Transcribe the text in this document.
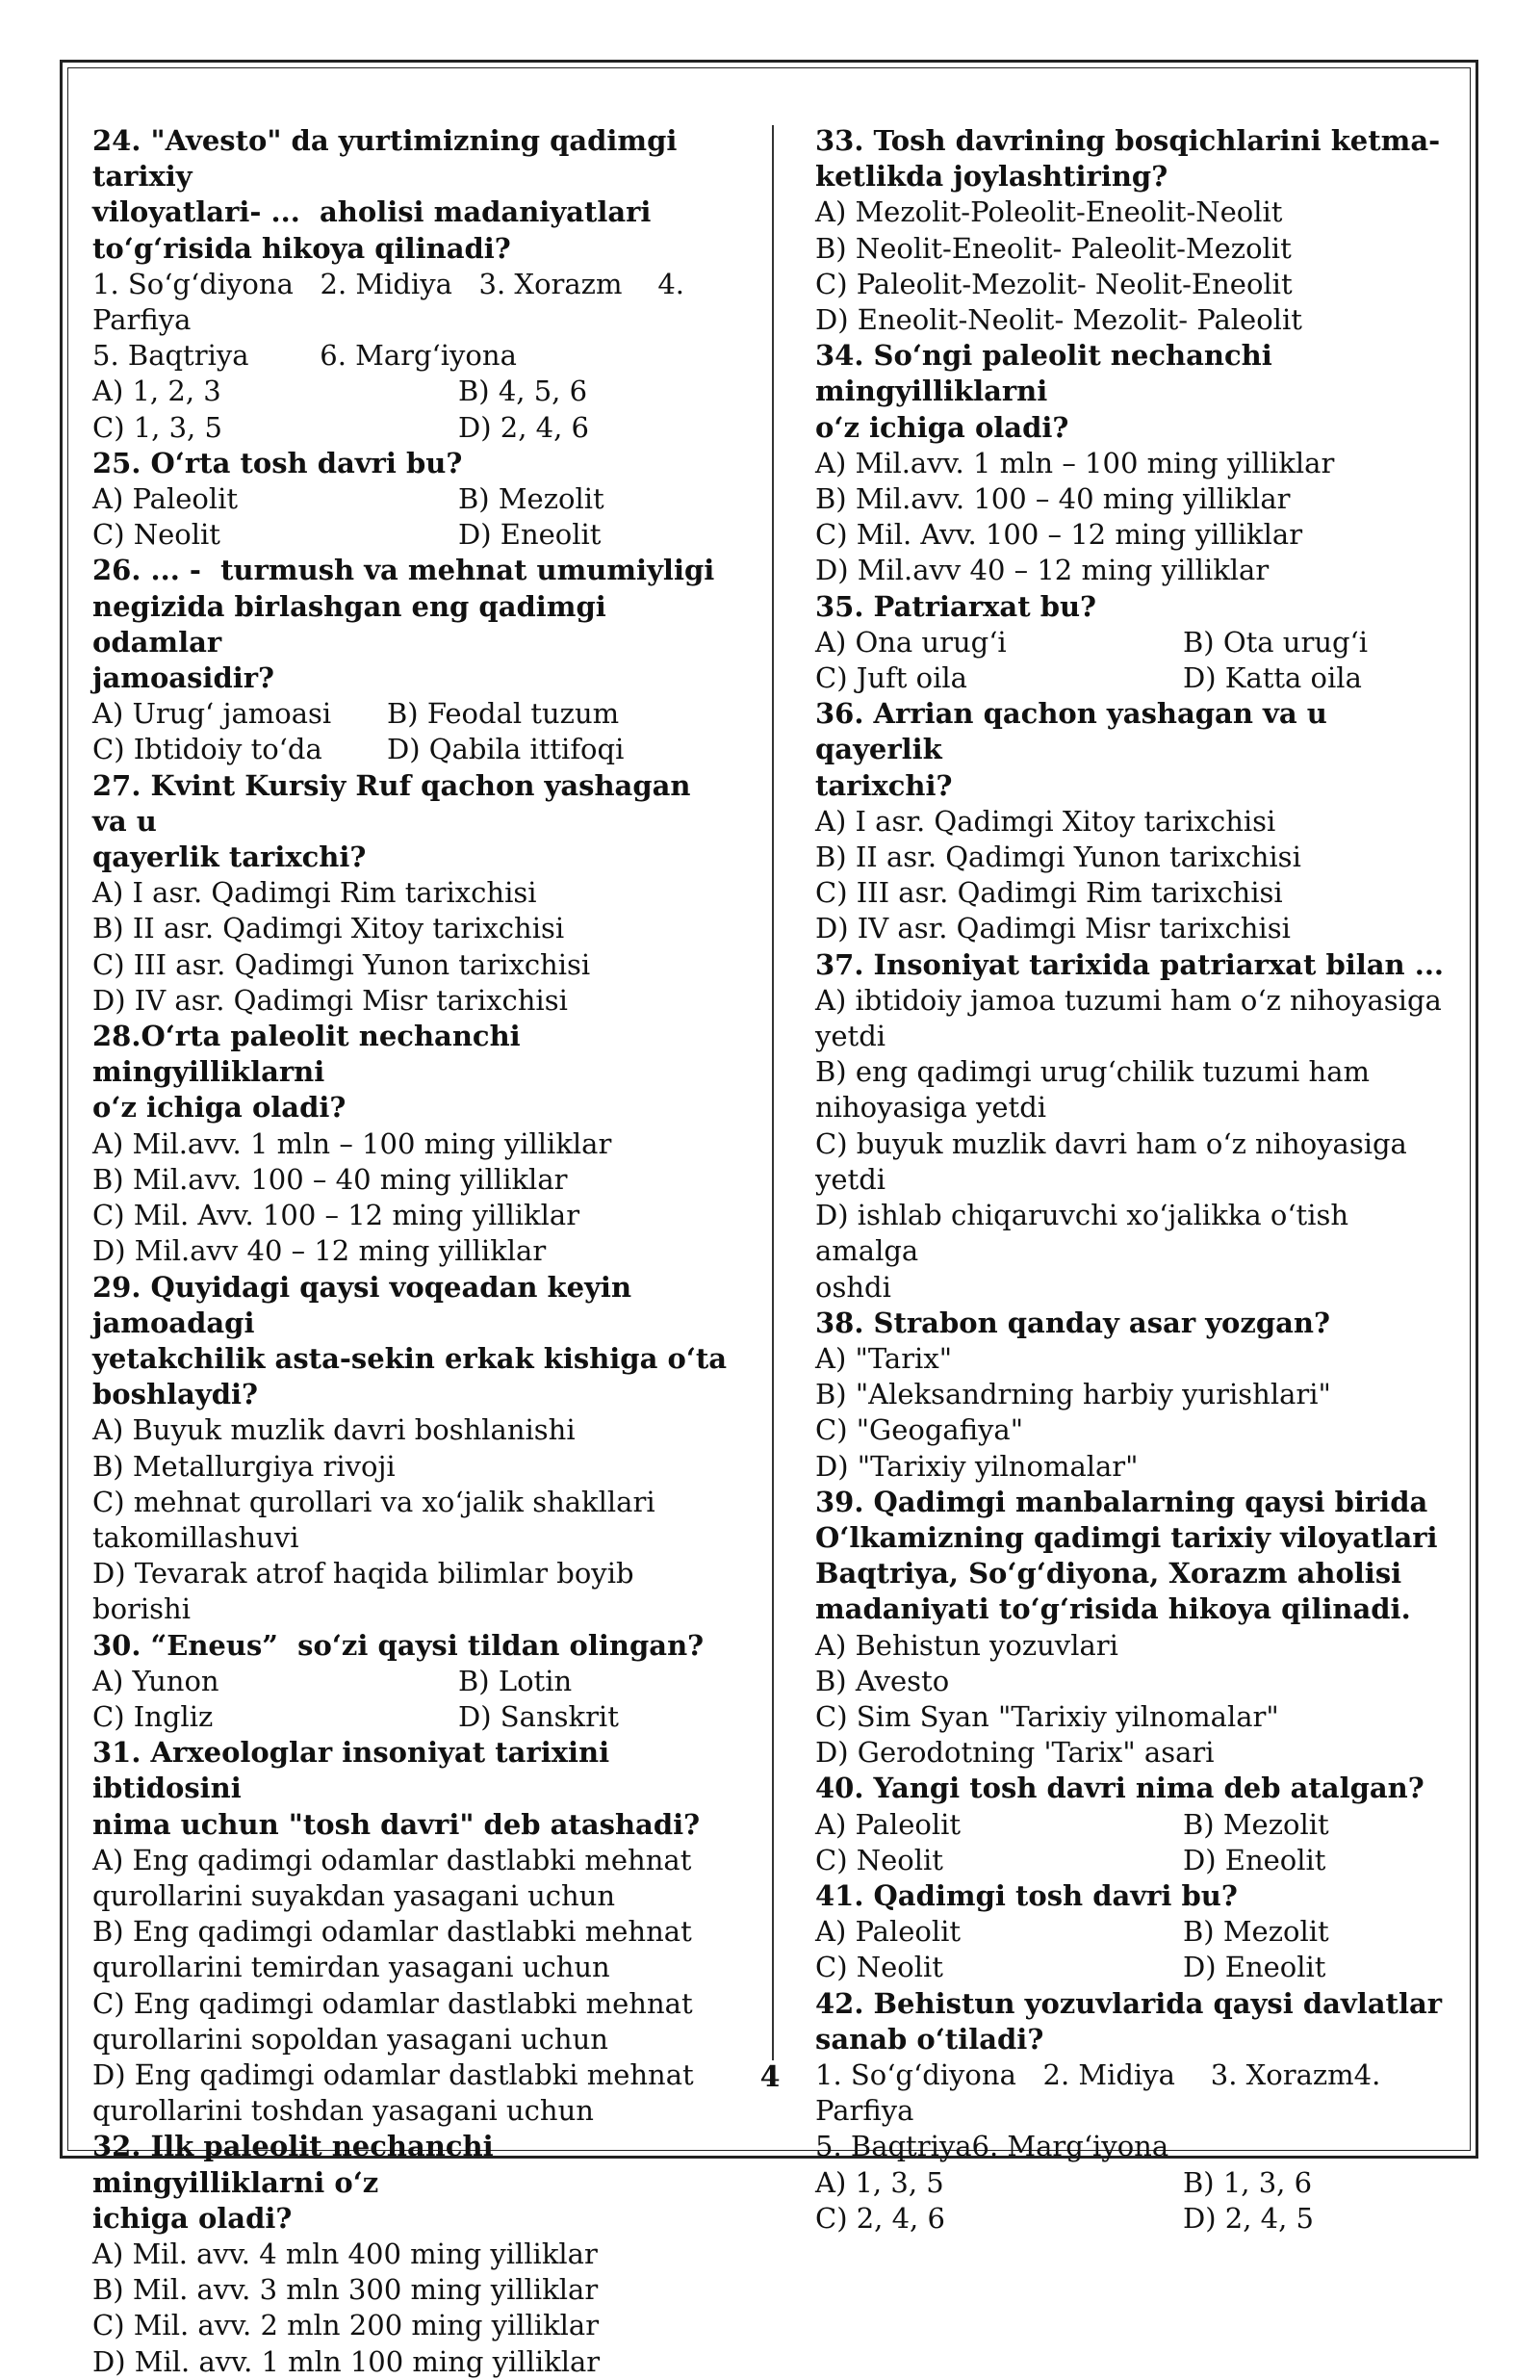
24. "Avesto" da yurtimizning qadimgi tarixiy
viloyatlari- ...  aholisi madaniyatlari
to‘g‘risida hikoya qilinadi?
1. So‘g‘diyona   2. Midiya   3. Xorazm    4. Parfiya
5. Baqtriya        6. Marg‘iyona
A) 1, 2, 3	B) 4, 5, 6
C) 1, 3, 5	D) 2, 4, 6
25. O‘rta tosh davri bu?
A) Paleolit	B) Mezolit
C) Neolit	D) Eneolit
26. ... -  turmush va mehnat umumiyligi
negizida birlashgan eng qadimgi odamlar
jamoasidir?
A) Urug‘ jamoasi	B) Feodal tuzum
C) Ibtidoiy to‘da	D) Qabila ittifoqi
27. Kvint Kursiy Ruf qachon yashagan va u
qayerlik tarixchi?
A) I asr. Qadimgi Rim tarixchisi
B) II asr. Qadimgi Xitoy tarixchisi
C) III asr. Qadimgi Yunon tarixchisi
D) IV asr. Qadimgi Misr tarixchisi
28.O‘rta paleolit nechanchi mingyilliklarni
o‘z ichiga oladi?
A) Mil.avv. 1 mln – 100 ming yilliklar
B) Mil.avv. 100 – 40 ming yilliklar
C) Mil. Avv. 100 – 12 ming yilliklar
D) Mil.avv 40 – 12 ming yilliklar
29. Quyidagi qaysi voqeadan keyin jamoadagi
yetakchilik asta-sekin erkak kishiga o‘ta
boshlaydi?
A) Buyuk muzlik davri boshlanishi
B) Metallurgiya rivoji
C) mehnat qurollari va xo‘jalik shakllari
takomillashuvi
D) Tevarak atrof haqida bilimlar boyib borishi
30. “Eneus”  so‘zi qaysi tildan olingan?
A) Yunon	B) Lotin
C) Ingliz	D) Sanskrit
31. Arxeologlar insoniyat tarixini ibtidosini
nima uchun "tosh davri" deb atashadi?
A) Eng qadimgi odamlar dastlabki mehnat
qurollarini suyakdan yasagani uchun
B) Eng qadimgi odamlar dastlabki mehnat
qurollarini temirdan yasagani uchun
C) Eng qadimgi odamlar dastlabki mehnat
qurollarini sopoldan yasagani uchun
D) Eng qadimgi odamlar dastlabki mehnat
qurollarini toshdan yasagani uchun
32. Ilk paleolit nechanchi mingyilliklarni o‘z
ichiga oladi?
A) Mil. avv. 4 mln 400 ming yilliklar
B) Mil. avv. 3 mln 300 ming yilliklar
C) Mil. avv. 2 mln 200 ming yilliklar
D) Mil. avv. 1 mln 100 ming yilliklar
33. Tosh davrining bosqichlarini ketma-
ketlikda joylashtiring?
A) Mezolit-Poleolit-Eneolit-Neolit
B) Neolit-Eneolit- Paleolit-Mezolit
C) Paleolit-Mezolit- Neolit-Eneolit
D) Eneolit-Neolit- Mezolit- Paleolit
34. So‘ngi paleolit nechanchi mingyilliklarni
o‘z ichiga oladi?
A) Mil.avv. 1 mln – 100 ming yilliklar
B) Mil.avv. 100 – 40 ming yilliklar
C) Mil. Avv. 100 – 12 ming yilliklar
D) Mil.avv 40 – 12 ming yilliklar
35. Patriarxat bu?
A) Ona urug‘i	B) Ota urug‘i
C) Juft oila	D) Katta oila
36. Arrian qachon yashagan va u qayerlik
tarixchi?
A) I asr. Qadimgi Xitoy tarixchisi
B) II asr. Qadimgi Yunon tarixchisi
C) III asr. Qadimgi Rim tarixchisi
D) IV asr. Qadimgi Misr tarixchisi
37. Insoniyat tarixida patriarxat bilan ...
A) ibtidoiy jamoa tuzumi ham o‘z nihoyasiga
yetdi
B) eng qadimgi urug‘chilik tuzumi ham
nihoyasiga yetdi
C) buyuk muzlik davri ham o‘z nihoyasiga yetdi
D) ishlab chiqaruvchi xo‘jalikka o‘tish amalga
oshdi
38. Strabon qanday asar yozgan?
A) "Tarix"
B) "Aleksandrning harbiy yurishlari"
C) "Geogafiya"
D) "Tarixiy yilnomalar"
39. Qadimgi manbalarning qaysi birida
O‘lkamizning qadimgi tarixiy viloyatlari
Baqtriya, So‘g‘diyona, Xorazm aholisi
madaniyati to‘g‘risida hikoya qilinadi.
A) Behistun yozuvlari
B) Avesto
C) Sim Syan "Tarixiy yilnomalar"
D) Gerodotning 'Tarix" asari
40. Yangi tosh davri nima deb atalgan?
A) Paleolit	B) Mezolit
C) Neolit	D) Eneolit
41. Qadimgi tosh davri bu?
A) Paleolit	B) Mezolit
C) Neolit	D) Eneolit
42. Behistun yozuvlarida qaysi davlatlar
sanab o‘tiladi?
1. So‘g‘diyona   2. Midiya    3. Xorazm4. Parfiya
5. Baqtriya6. Marg‘iyona
A) 1, 3, 5	B) 1, 3, 6
C) 2, 4, 6	D) 2, 4, 5
4
